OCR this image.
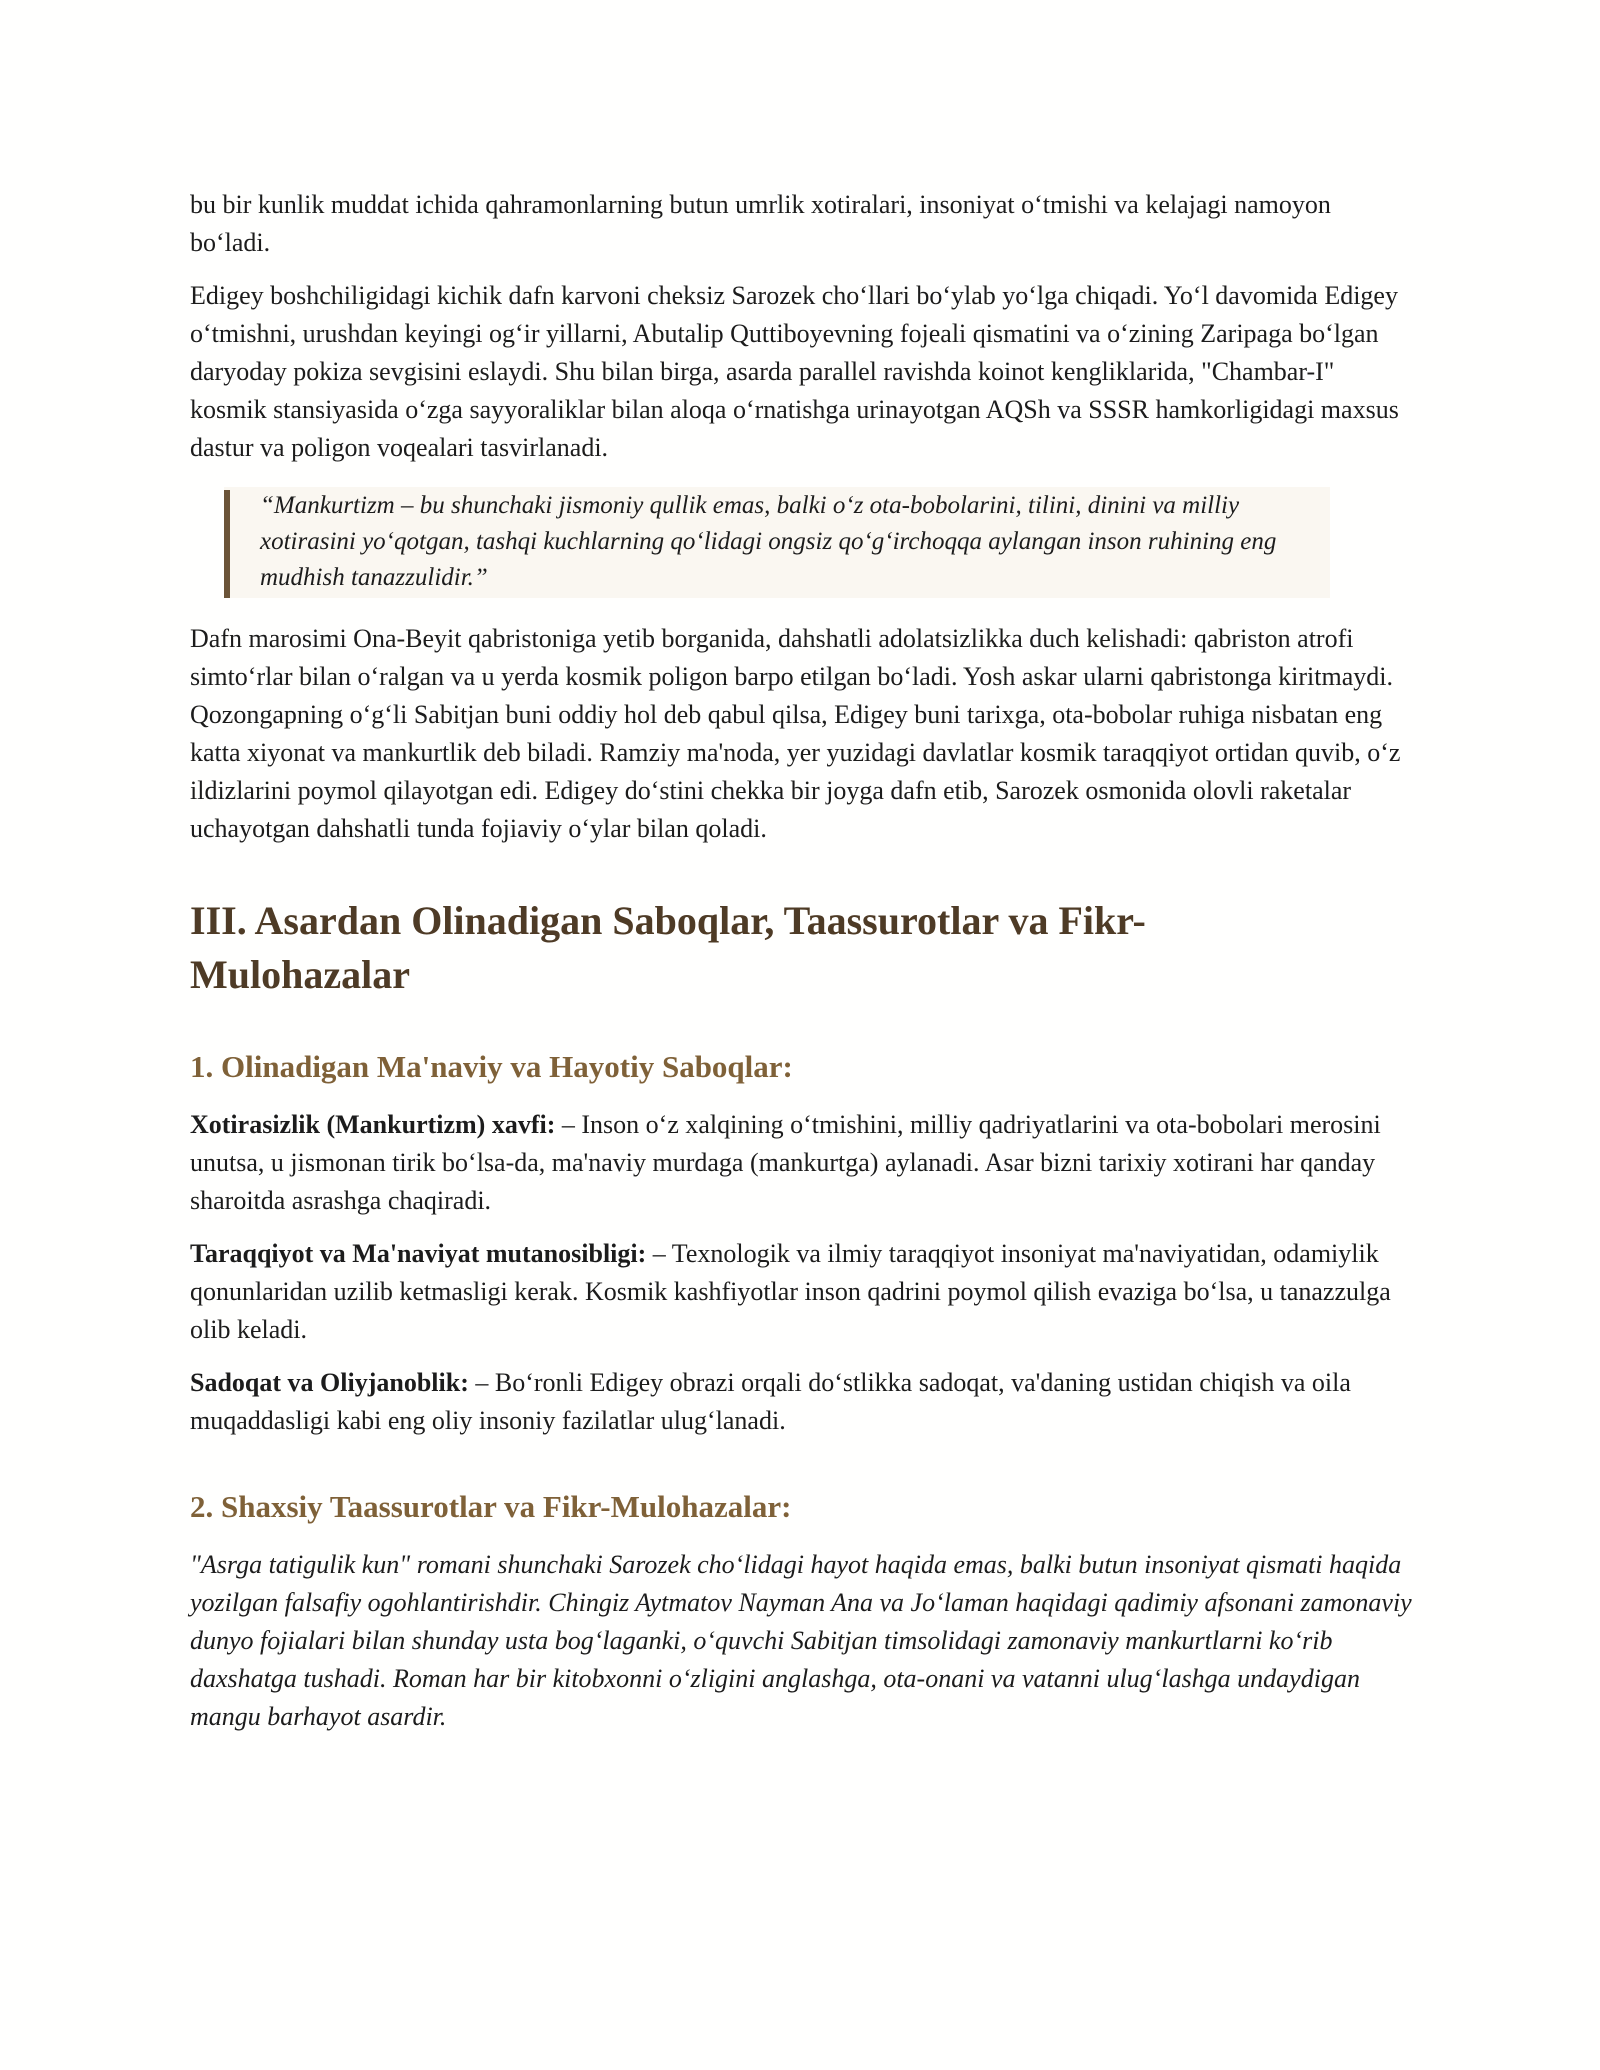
bu bir kunlik muddat ichida qahramonlarning butun umrlik xotiralari, insoniyat o‘tmishi va kelajagi namoyon bo‘ladi.

Edigey boshchiligidagi kichik dafn karvoni cheksiz Sarozek cho‘llari bo‘ylab yo‘lga chiqadi. Yo‘l davomida Edigey o‘tmishni, urushdan keyingi og‘ir yillarni, Abutalip Quttiboyevning fojeali qismatini va o‘zining Zaripaga bo‘lgan daryoday pokiza sevgisini eslaydi. Shu bilan birga, asarda parallel ravishda koinot kengliklarida, "Chambar-I" kosmik stansiyasida o‘zga sayyoraliklar bilan aloqa o‘rnatishga urinayotgan AQSh va SSSR hamkorligidagi maxsus dastur va poligon voqealari tasvirlanadi.

“Mankurtizm – bu shunchaki jismoniy qullik emas, balki o‘z ota-bobolarini, tilini, dinini va milliy xotirasini yo‘qotgan, tashqi kuchlarning qo‘lidagi ongsiz qo‘g‘irchoqqa aylangan inson ruhining eng mudhish tanazzulidir.”

Dafn marosimi Ona-Beyit qabristoniga yetib borganida, dahshatli adolatsizlikka duch kelishadi: qabriston atrofi simto‘rlar bilan o‘ralgan va u yerda kosmik poligon barpo etilgan bo‘ladi. Yosh askar ularni qabristonga kiritmaydi. Qozongapning o‘g‘li Sabitjan buni oddiy hol deb qabul qilsa, Edigey buni tarixga, ota-bobolar ruhiga nisbatan eng katta xiyonat va mankurtlik deb biladi. Ramziy ma'noda, yer yuzidagi davlatlar kosmik taraqqiyot ortidan quvib, o‘z ildizlarini poymol qilayotgan edi. Edigey do‘stini chekka bir joyga dafn etib, Sarozek osmonida olovli raketalar uchayotgan dahshatli tunda fojiaviy o‘ylar bilan qoladi.

III. Asardan Olinadigan Saboqlar, Taassurotlar va Fikr-Mulohazalar
1. Olinadigan Ma'naviy va Hayotiy Saboqlar:

Xotirasizlik (Mankurtizm) xavfi: – Inson o‘z xalqining o‘tmishini, milliy qadriyatlarini va ota-bobolari merosini unutsa, u jismonan tirik bo‘lsa-da, ma'naviy murdaga (mankurtga) aylanadi. Asar bizni tarixiy xotirani har qanday sharoitda asrashga chaqiradi.

Taraqqiyot va Ma'naviyat mutanosibligi: – Texnologik va ilmiy taraqqiyot insoniyat ma'naviyatidan, odamiylik qonunlaridan uzilib ketmasligi kerak. Kosmik kashfiyotlar inson qadrini poymol qilish evaziga bo‘lsa, u tanazzulga olib keladi.

Sadoqat va Oliyjanoblik: – Bo‘ronli Edigey obrazi orqali do‘stlikka sadoqat, va'daning ustidan chiqish va oila muqaddasligi kabi eng oliy insoniy fazilatlar ulug‘lanadi.

2. Shaxsiy Taassurotlar va Fikr-Mulohazalar:

"Asrga tatigulik kun" romani shunchaki Sarozek cho‘lidagi hayot haqida emas, balki butun insoniyat qismati haqida yozilgan falsafiy ogohlantirishdir. Chingiz Aytmatov Nayman Ana va Jo‘laman haqidagi qadimiy afsonani zamonaviy dunyo fojialari bilan shunday usta bog‘laganki, o‘quvchi Sabitjan timsolidagi zamonaviy mankurtlarni ko‘rib daxshatga tushadi. Roman har bir kitobxonni o‘zligini anglashga, ota-onani va vatanni ulug‘lashga undaydigan mangu barhayot asardir.
